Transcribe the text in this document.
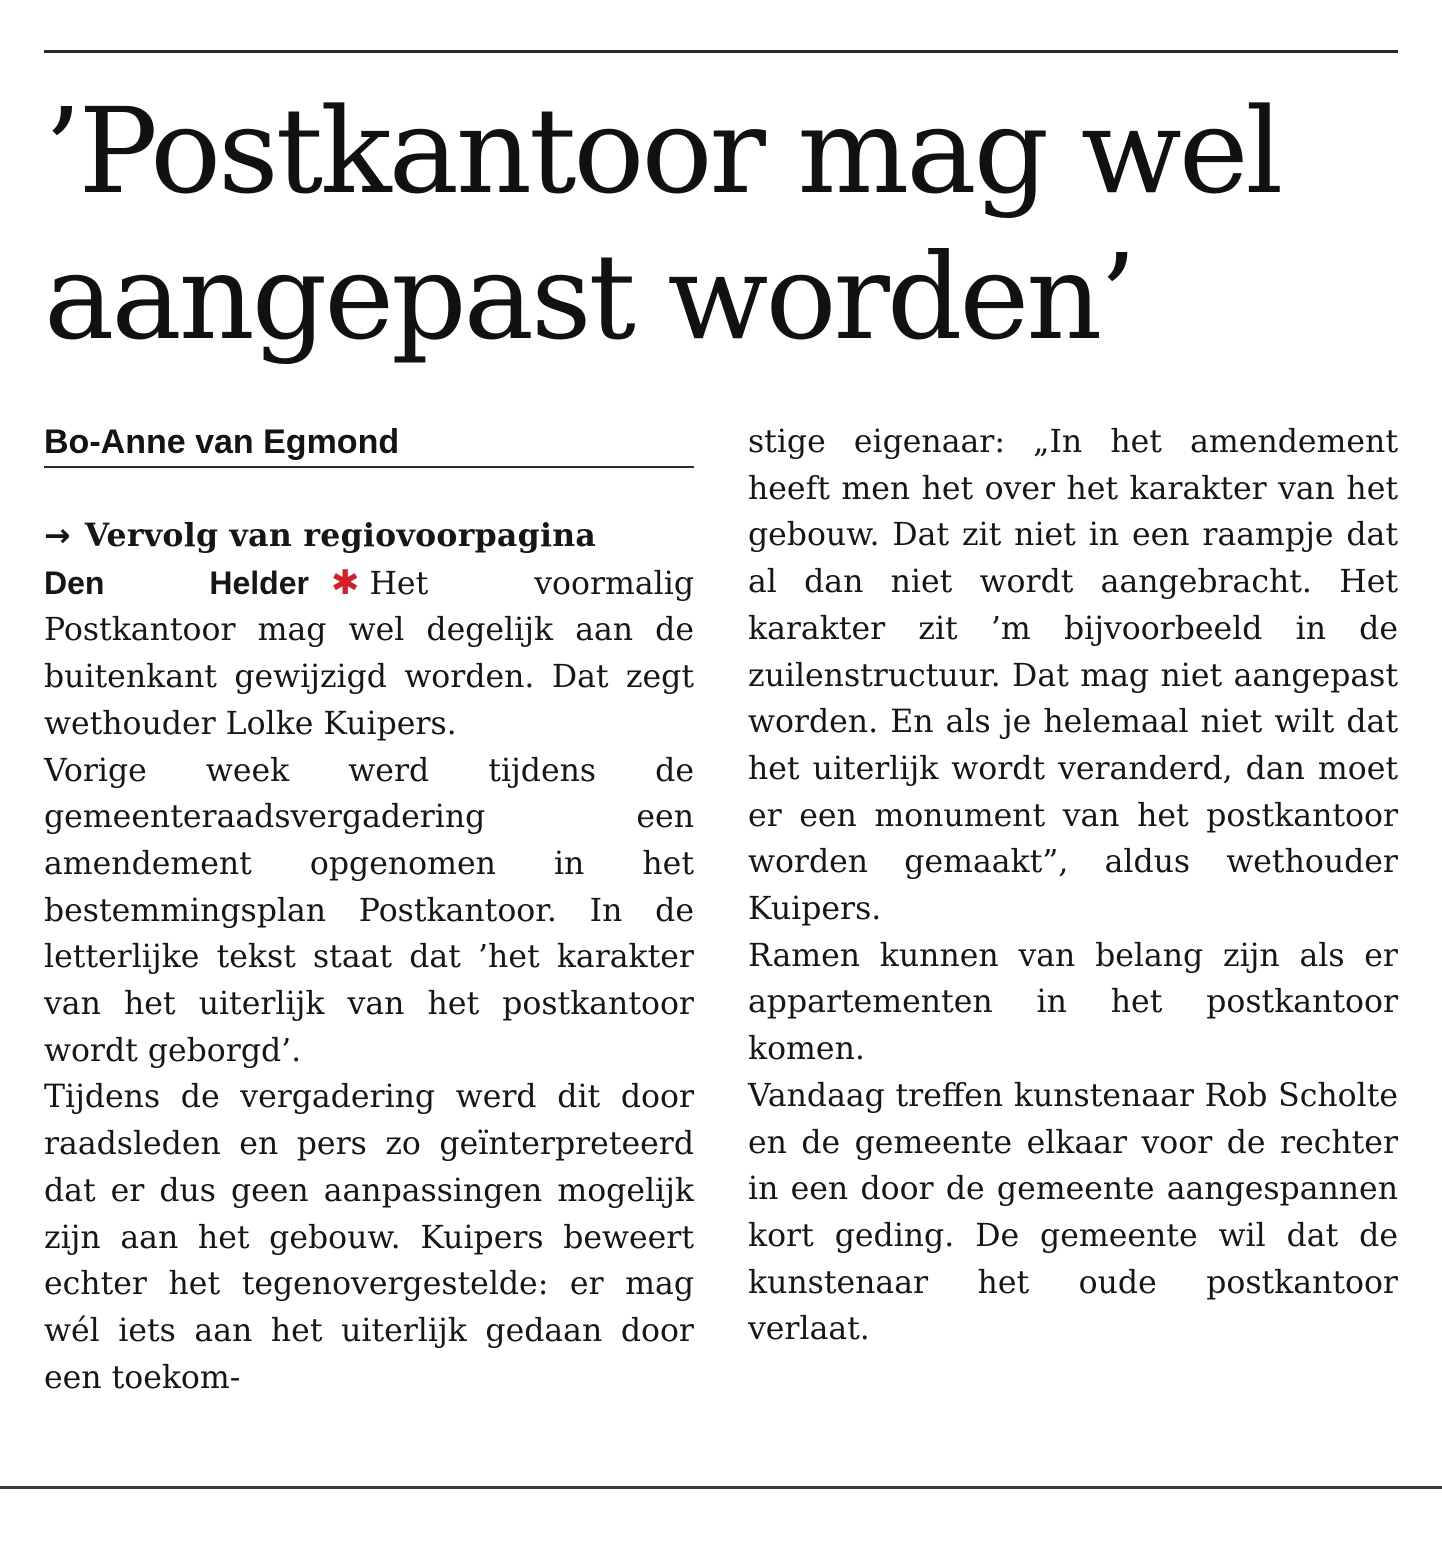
’Postkantoor mag wel
aangepast worden’
Bo-Anne van Egmond

→ Vervolg van regiovoorpagina

Den Helder ✱ Het voormalig Postkantoor mag wel degelijk aan de buitenkant gewijzigd worden. Dat zegt wethouder Lolke Kuipers.

Vorige week werd tijdens de gemeenteraadsvergadering een amendement opgenomen in het bestemmingsplan Postkantoor. In de letterlijke tekst staat dat ’het karakter van het uiterlijk van het postkantoor wordt geborgd’.

Tijdens de vergadering werd dit door raadsleden en pers zo geïnterpreteerd dat er dus geen aanpassingen mogelijk zijn aan het gebouw. Kuipers beweert echter het tegenovergestelde: er mag wél iets aan het uiterlijk gedaan door een toekom-

stige eigenaar: „In het amendement heeft men het over het karakter van het gebouw. Dat zit niet in een raampje dat al dan niet wordt aangebracht. Het karakter zit ’m bijvoorbeeld in de zuilenstructuur. Dat mag niet aangepast worden. En als je helemaal niet wilt dat het uiterlijk wordt veranderd, dan moet er een monument van het postkantoor worden gemaakt”, aldus wethouder Kuipers.

Ramen kunnen van belang zijn als er appartementen in het postkantoor komen.

Vandaag treffen kunstenaar Rob Scholte en de gemeente elkaar voor de rechter in een door de gemeente aangespannen kort geding. De gemeente wil dat de kunstenaar het oude postkantoor verlaat.
